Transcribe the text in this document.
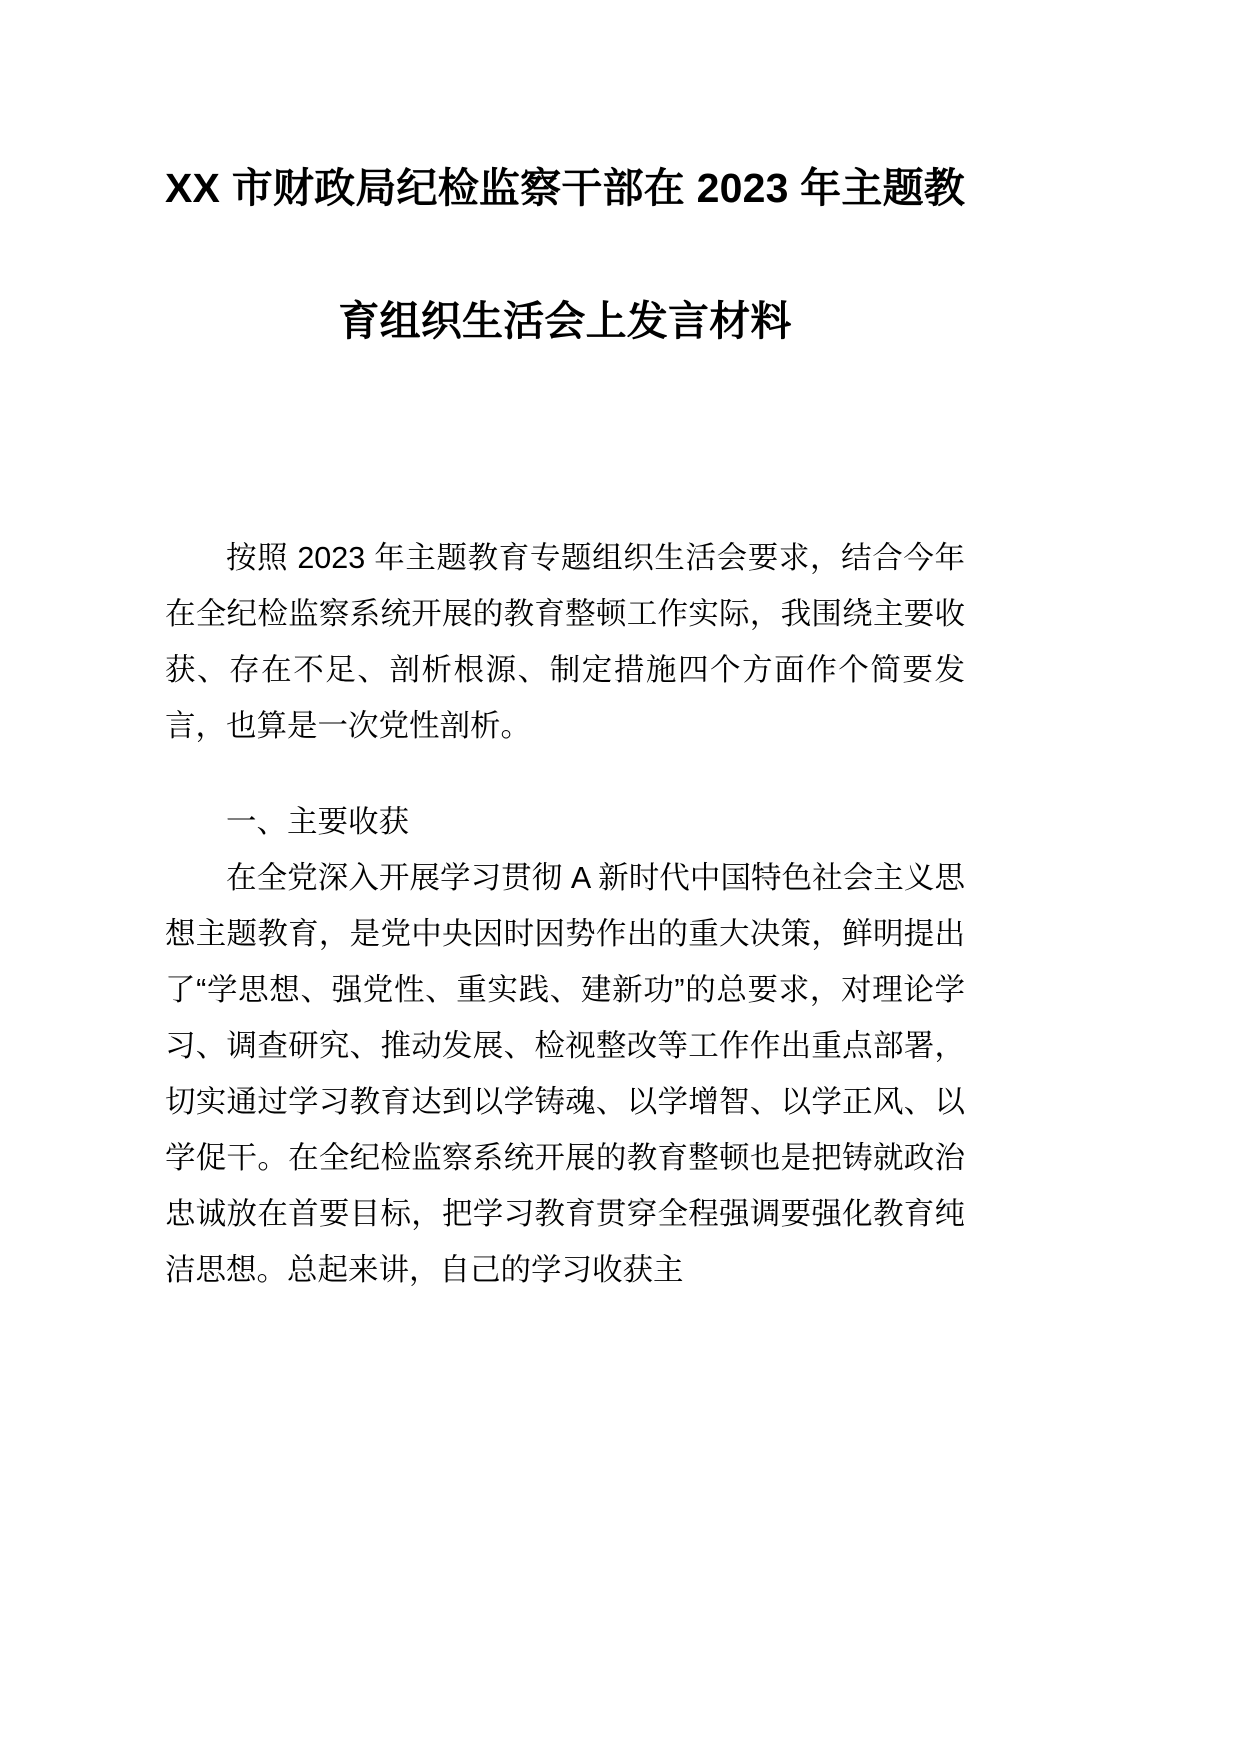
XX 市财政局纪检监察干部在 2023 年主题教
育组织生活会上发言材料

按照 2023 年主题教育专题组织生活会要求，结合今年在全纪检监察系统开展的教育整顿工作实际，我围绕主要收获、存在不足、剖析根源、制定措施四个方面作个简要发言，也算是一次党性剖析。

一、主要收获

在全党深入开展学习贯彻 A 新时代中国特色社会主义思想主题教育，是党中央因时因势作出的重大决策，鲜明提出了“学思想、强党性、重实践、建新功”的总要求，对理论学习、调查研究、推动发展、检视整改等工作作出重点部署，切实通过学习教育达到以学铸魂、以学增智、以学正风、以学促干。在全纪检监察系统开展的教育整顿也是把铸就政治忠诚放在首要目标，把学习教育贯穿全程强调要强化教育纯洁思想。总起来讲，自己的学习收获主
